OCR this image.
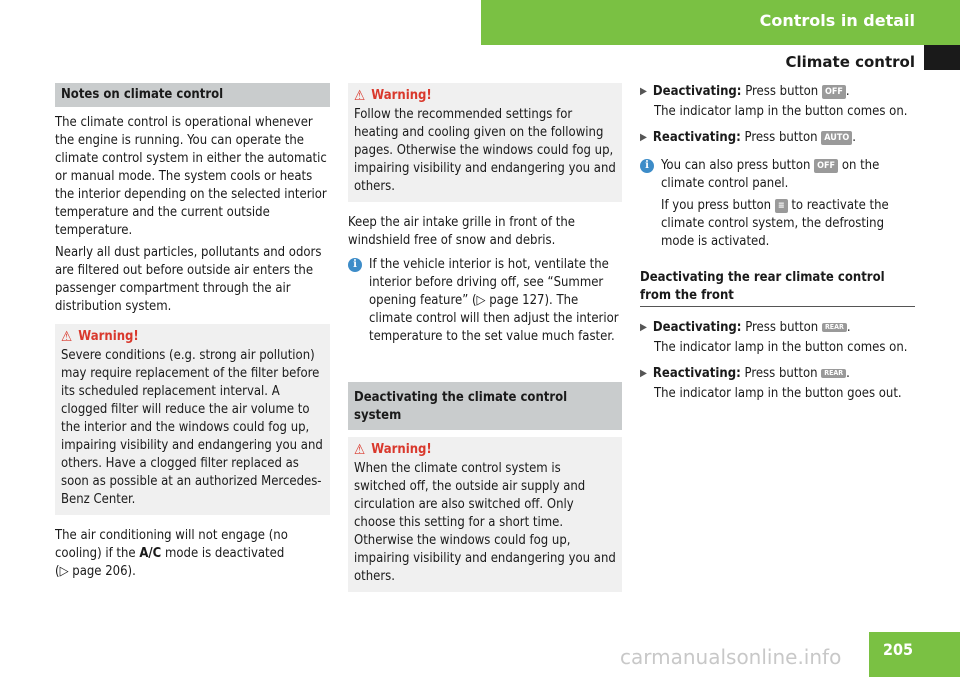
Controls in detail
Climate control
Notes on climate control

The climate control is operational whenever the engine is running. You can operate the climate control system in either the automatic or manual mode. The system cools or heats the interior depending on the selected interior temperature and the current outside temperature.

Nearly all dust particles, pollutants and odors are filtered out before outside air enters the passenger compartment through the air distribution system.

⚠ Warning!

Severe conditions (e.g. strong air pollution) may require replacement of the filter before its scheduled replacement interval. A clogged filter will reduce the air volume to the interior and the windows could fog up, impairing visibility and endangering you and others. Have a clogged filter replaced as soon as possible at an authorized Mercedes-Benz Center.

The air conditioning will not engage (no cooling) if the A/C mode is deactivated
(▷ page 206).

⚠ Warning!

Follow the recommended settings for heating and cooling given on the following pages. Otherwise the windows could fog up, impairing visibility and endangering you and others.

Keep the air intake grille in front of the windshield free of snow and debris.

i If the vehicle interior is hot, ventilate the interior before driving off, see “Summer opening feature” (▷ page 127). The climate control will then adjust the interior temperature to the set value much faster.

Deactivating the climate control system
⚠ Warning!

When the climate control system is switched off, the outside air supply and circulation are also switched off. Only choose this setting for a short time. Otherwise the windows could fog up, impairing visibility and endangering you and others.

▶ Deactivating: Press button OFF .

The indicator lamp in the button comes on.

▶ Reactivating: Press button AUTO .
i You can also press button OFF on the climate control panel.

If you press button ≡ to reactivate the climate control system, the defrosting mode is activated.

Deactivating the rear climate control from the front
▶ Deactivating: Press button REAR .

The indicator lamp in the button comes on.

▶ Reactivating: Press button REAR .

The indicator lamp in the button goes out.

carmanualsonline.info	205
